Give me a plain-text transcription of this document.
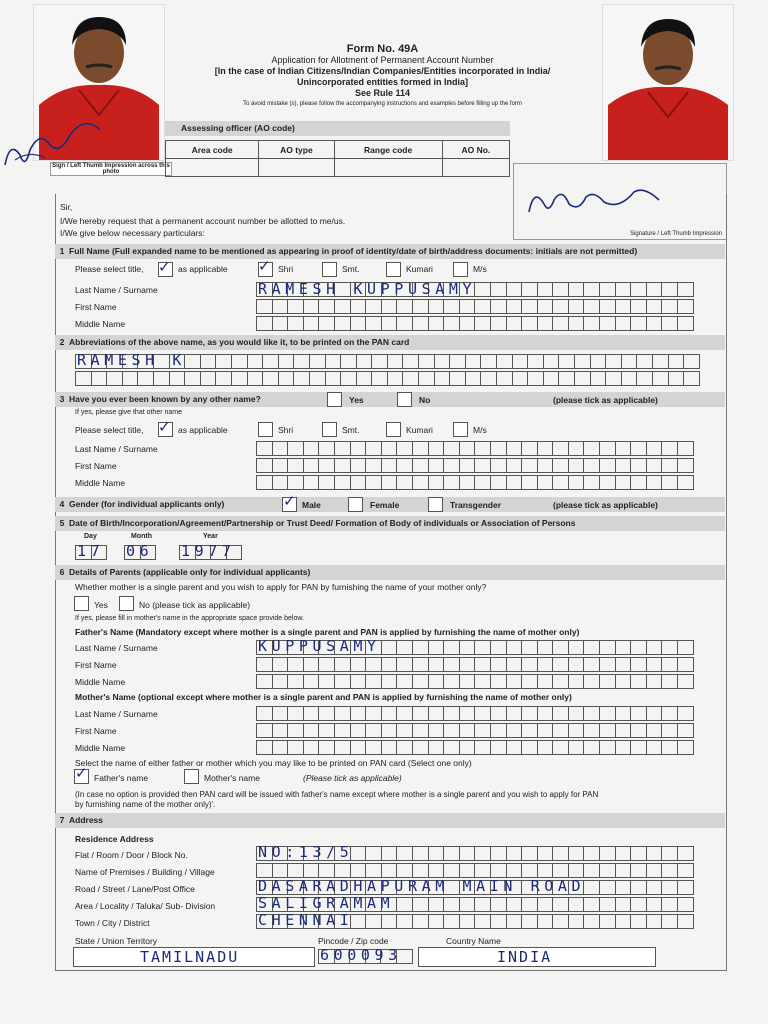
Sign / Left Thumb Impression across this photo
Form No. 49A
Application for Allotment of Permanent Account Number
[In the case of Indian Citizens/Indian Companies/Entities incorporated in India/
Unincorporated entities formed in India]
See Rule 114
To avoid mistake (s), please follow the accompanying instructions and examples before filling up the form
Assessing officer (AO code)
Area code	AO type	Range code	AO No.

Signature / Left Thumb Impression
Sir,
I/We hereby request that a permanent account number be allotted to me/us.
I/We give below necessary particulars:
1 Full Name (Full expanded name to be mentioned as appearing in proof of identity/date of birth/address documents: initials are not permitted)
Please select title, ✓ as applicable ✓ Shri	Smt.	Kumari	M/s
Last Name / Surname	RAMESH KUPPUSAMY
First Name
Middle Name
2 Abbreviations of the above name, as you would like it, to be printed on the PAN card
RAMESH K
3 Have you ever been known by any other name?	Yes	No	(please tick as applicable)
If yes, please give that other name
Please select title, ✓ as applicable	Shri	Smt.	Kumari	M/s
Last Name / Surname
First Name
Middle Name
4 Gender (for individual applicants only)	✓ Male	Female	Transgender	(please tick as applicable)
5 Date of Birth/Incorporation/Agreement/Partnership or Trust Deed/ Formation of Body of individuals or Association of Persons
Day	Month	Year
17 06 1977
6 Details of Parents (applicable only for individual applicants)
Whether mother is a single parent and you wish to apply for PAN by furnishing the name of your mother only?
Yes	No (please tick as applicable)
If yes, please fill in mother's name in the appropriate space provide below.
Father's Name (Mandatory except where mother is a single parent and PAN is applied by furnishing the name of mother only)
Last Name / Surname	KUPPUSAMY
First Name
Middle Name
Mother's Name (optional except where mother is a single parent and PAN is applied by furnishing the name of mother only)
Last Name / Surname
First Name
Middle Name
Select the name of either father or mother which you may like to be printed on PAN card (Select one only)
✓ Father's name	Mother's name	(Please tick as applicable)
(In case no option is provided then PAN card will be issued with father's name except where mother is a single parent and you wish to apply for PAN
by furnishing name of the mother only)'.
7 Address
Residence Address
Flat / Room / Door / Block No.	NO:13/5
Name of Premises / Building / Village
Road / Street / Lane/Post Office	DASARADHAPURAM MAIN ROAD
Area / Locality / Taluka/ Sub- Division	SALIGRAMAM
Town / City / District	CHENNAI
State / Union Territory	Pincode / Zip code	Country Name
TAMILNADU	600093	INDIA
